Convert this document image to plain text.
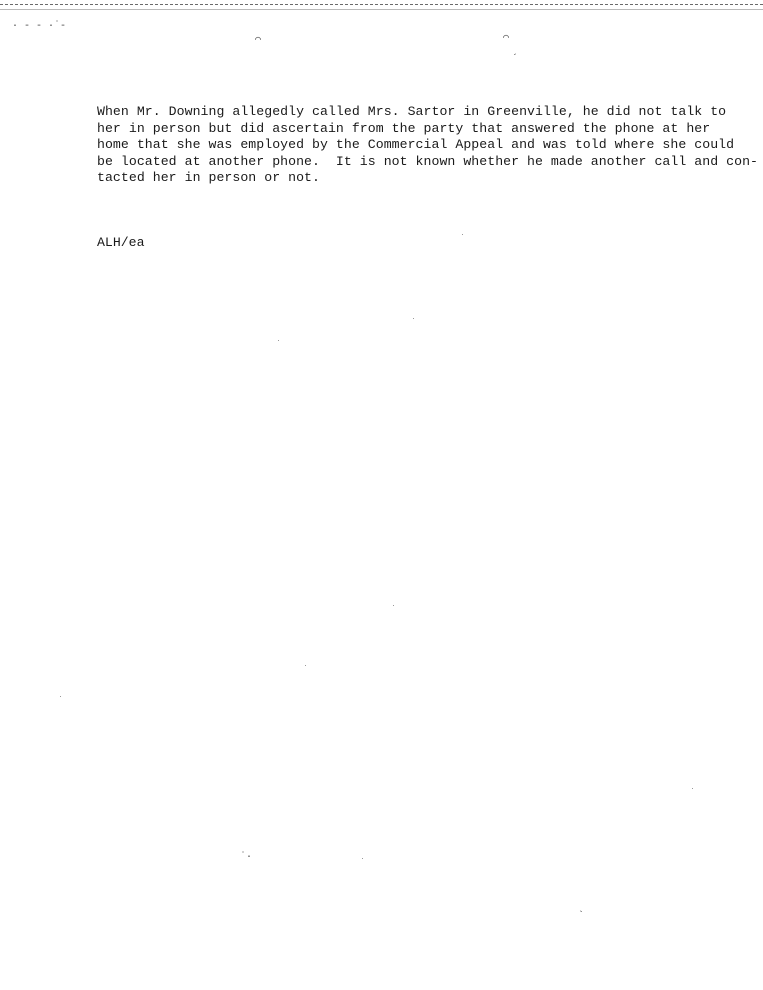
· - - ·˙‐
⌒	⌒
´
˙·
`
When Mr. Downing allegedly called Mrs. Sartor in Greenville, he did not talk to
her in person but did ascertain from the party that answered the phone at her
home that she was employed by the Commercial Appeal and was told where she could
be located at another phone.  It is not known whether he made another call and con-
tacted her in person or not.
ALH/ea
